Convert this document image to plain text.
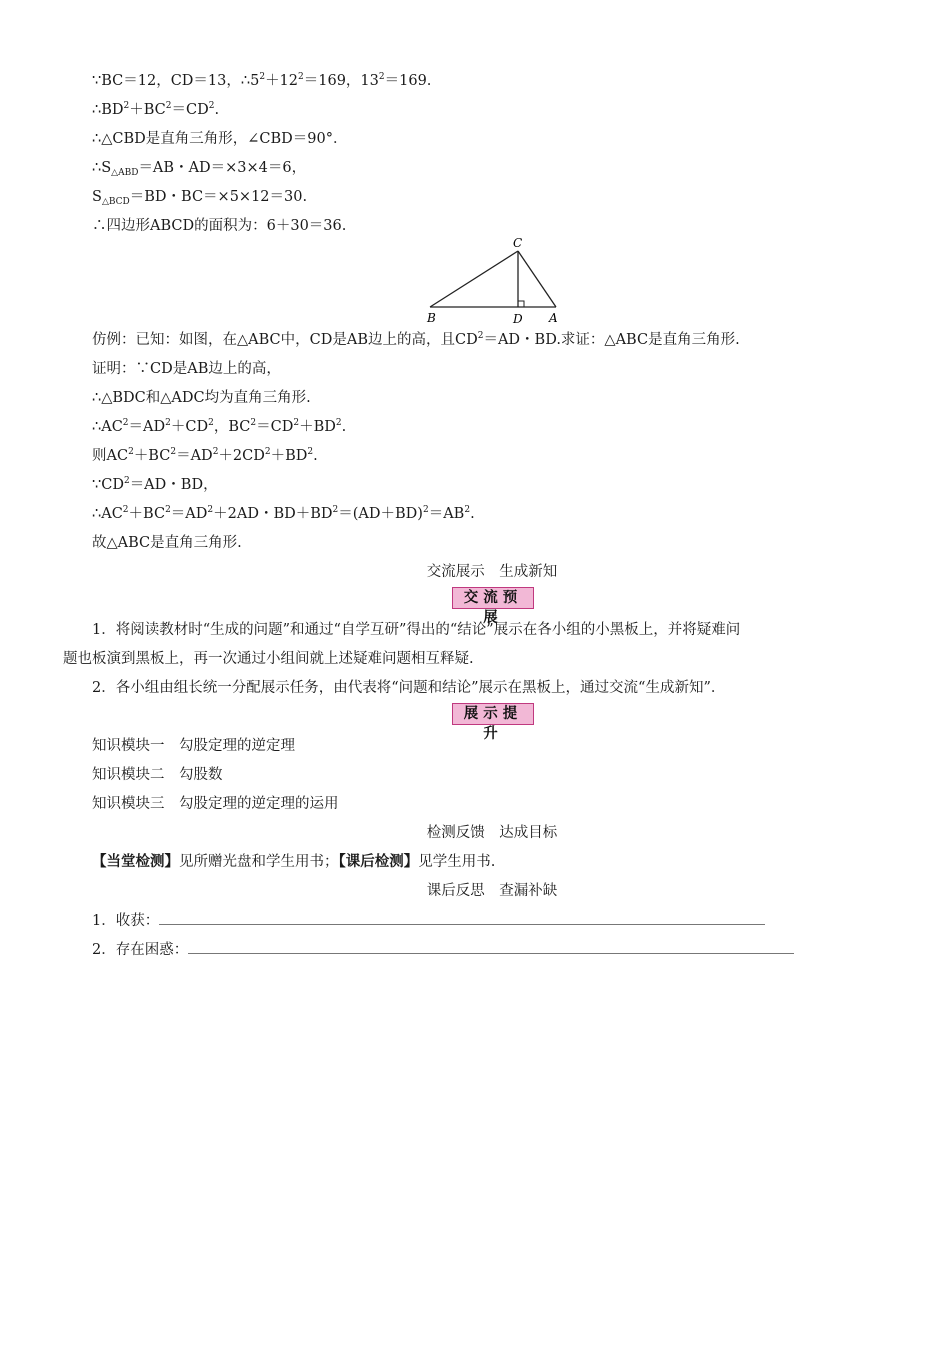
∵BC＝12，CD＝13，$\therefore 5^2+12^2=169$，$13^2=169$.
$\therefore BD^2+BC^2=CD^2$.
∴△CBD是直角三角形，∠CBD＝90°．
$\therefore S_{\triangle ABD}=AB$・AD＝×3×4＝6，
$S_{\triangle BCD}=BD$・BC＝×5×12＝30.
∴四边形ABCD的面积为：6＋30＝36.
C
B	D A
仿例：已知：如图，在△ABC中，CD是AB边上的高，且$CD^2=AD$・BD.求证：△ABC是直角三角形.
证明：∵CD是AB边上的高，
∴△BDC和△ADC均为直角三角形.
$\therefore AC^2=AD^2+CD^2$，$BC^2=CD^2+BD^2$.
则$AC^2+BC^2=AD^2+2CD^2+BD^2$.
$\because CD^2=AD$・BD，
$\therefore AC^2+BC^2=AD^2+2AD$・$BD+BD^2=(AD+BD)^2=AB^2$.
故△ABC是直角三角形.
交流展示　生成新知
交流预展
1．将阅读教材时“生成的问题”和通过“自学互研”得出的“结论”展示在各小组的小黑板上，并将疑难问
题也板演到黑板上，再一次通过小组间就上述疑难问题相互释疑.
2．各小组由组长统一分配展示任务，由代表将“问题和结论”展示在黑板上，通过交流“生成新知”．
展示提升
知识模块一　勾股定理的逆定理
知识模块二　勾股数
知识模块三　勾股定理的逆定理的运用
检测反馈　达成目标
【当堂检测】见所赠光盘和学生用书；【课后检测】见学生用书.
课后反思　查漏补缺
1．收获：
2．存在困惑：
